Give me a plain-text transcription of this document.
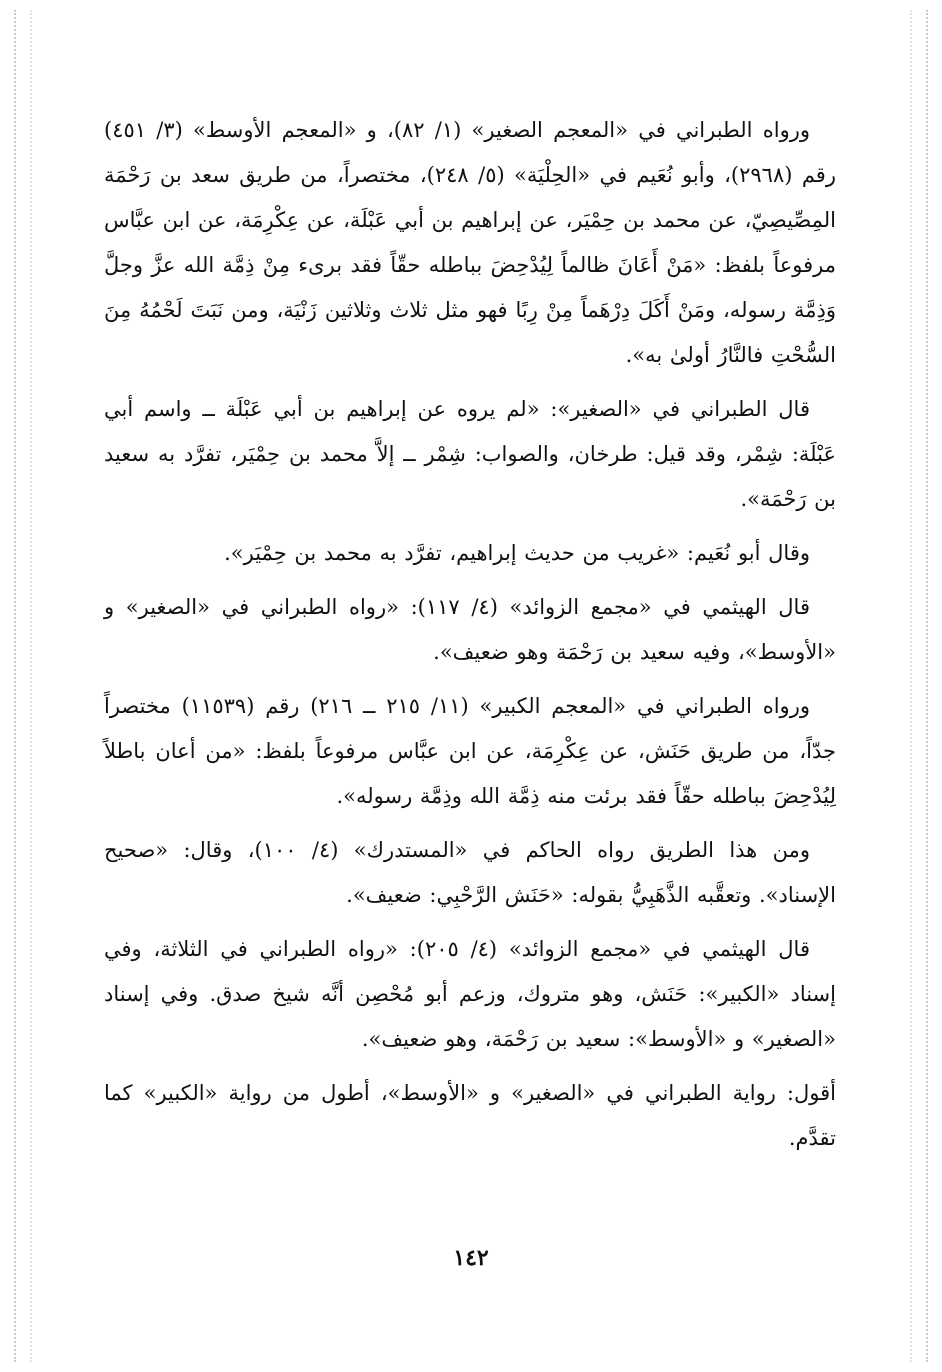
ورواه الطبراني في «المعجم الصغير» (١/ ٨٢)، و «المعجم الأوسط» (٣/ ٤٥١) رقم (٢٩٦٨)، وأبو نُعَيم في «الحِلْيَة» (٥/ ٢٤٨)، مختصراً، من طريق سعد بن رَحْمَة المِصِّيصِيّ، عن محمد بن حِمْيَر، عن إبراهيم بن أبي عَبْلَة، عن عِكْرِمَة، عن ابن عبَّاس مرفوعاً بلفظ: «مَنْ أَعَانَ ظالماً لِيُدْحِضَ بباطله حقّاً فقد برىء مِنْ ذِمَّة الله عزَّ وجلَّ وَذِمَّة رسوله، ومَنْ أَكَلَ دِرْهَماً مِنْ رِبًا فهو مثل ثلاث وثلاثين زَنْيَة، ومن نَبَتَ لَحْمُهُ مِنَ السُّحْتِ فالنَّارُ أولىٰ به».

قال الطبراني في «الصغير»: «لم يروه عن إبراهيم بن أبي عَبْلَة ــ واسم أبي عَبْلَة: شِمْر، وقد قيل: طرخان، والصواب: شِمْر ــ إلاَّ محمد بن حِمْيَر، تفرَّد به سعيد بن رَحْمَة».

وقال أبو نُعَيم: «غريب من حديث إبراهيم، تفرَّد به محمد بن حِمْيَر».

قال الهيثمي في «مجمع الزوائد» (٤/ ١١٧): «رواه الطبراني في «الصغير» و «الأوسط»، وفيه سعيد بن رَحْمَة وهو ضعيف».

ورواه الطبراني في «المعجم الكبير» (١١/ ٢١٥ ــ ٢١٦) رقم (١١٥٣٩) مختصراً جدّاً، من طريق حَنَش، عن عِكْرِمَة، عن ابن عبَّاس مرفوعاً بلفظ: «من أعان باطلاً لِيُدْحِضَ بباطله حقّاً فقد برئت منه ذِمَّة الله وذِمَّة رسوله».

ومن هذا الطريق رواه الحاكم في «المستدرك» (٤/ ١٠٠)، وقال: «صحيح الإسناد». وتعقَّبه الذَّهَبِيُّ بقوله: «حَنَش الرَّحْبِي: ضعيف».

قال الهيثمي في «مجمع الزوائد» (٤/ ٢٠٥): «رواه الطبراني في الثلاثة، وفي إسناد «الكبير»: حَنَش، وهو متروك، وزعم أبو مُحْصِن أنَّه شيخ صدق. وفي إسناد «الصغير» و «الأوسط»: سعيد بن رَحْمَة، وهو ضعيف».

أقول: رواية الطبراني في «الصغير» و «الأوسط»، أطول من رواية «الكبير» كما تقدَّم.

١٤٢
